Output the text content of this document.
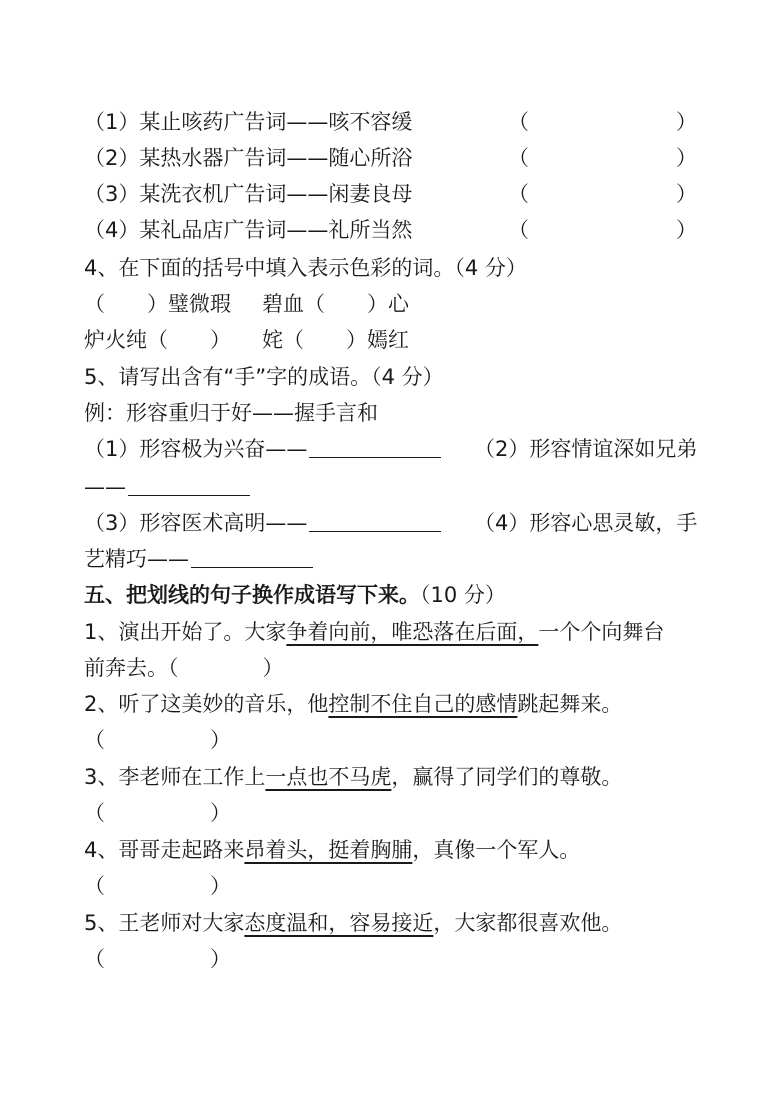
（1）某止咳药广告词——咳不容缓	（　　　　　　　）
（2）某热水器广告词——随心所浴	（　　　　　　　）
（3）某洗衣机广告词——闲妻良母	（　　　　　　　）
（4）某礼品店广告词——礼所当然	（　　　　　　　）
4、在下面的括号中填入表示色彩的词。（4 分）
（　　）璧微瑕 碧血（　　）心
炉火纯（　　） 姹（　　）嫣红
5、请写出含有“手”字的成语。（4 分）
例：形容重归于好——握手言和
（1）形容极为兴奋——	（2）形容情谊深如兄弟
——
（3）形容医术高明——	（4）形容心思灵敏，手
艺精巧——
五、把划线的句子换作成语写下来。（10 分）
1、演出开始了。大家争着向前，唯恐落在后面，一个个向舞台
前奔去。（　　　　）
2、听了这美妙的音乐，他控制不住自己的感情跳起舞来。
（　　　　　）
3、李老师在工作上一点也不马虎，赢得了同学们的尊敬。
（　　　　　）
4、哥哥走起路来昂着头，挺着胸脯，真像一个军人。
（　　　　　）
5、王老师对大家态度温和，容易接近，大家都很喜欢他。
（　　　　　）
